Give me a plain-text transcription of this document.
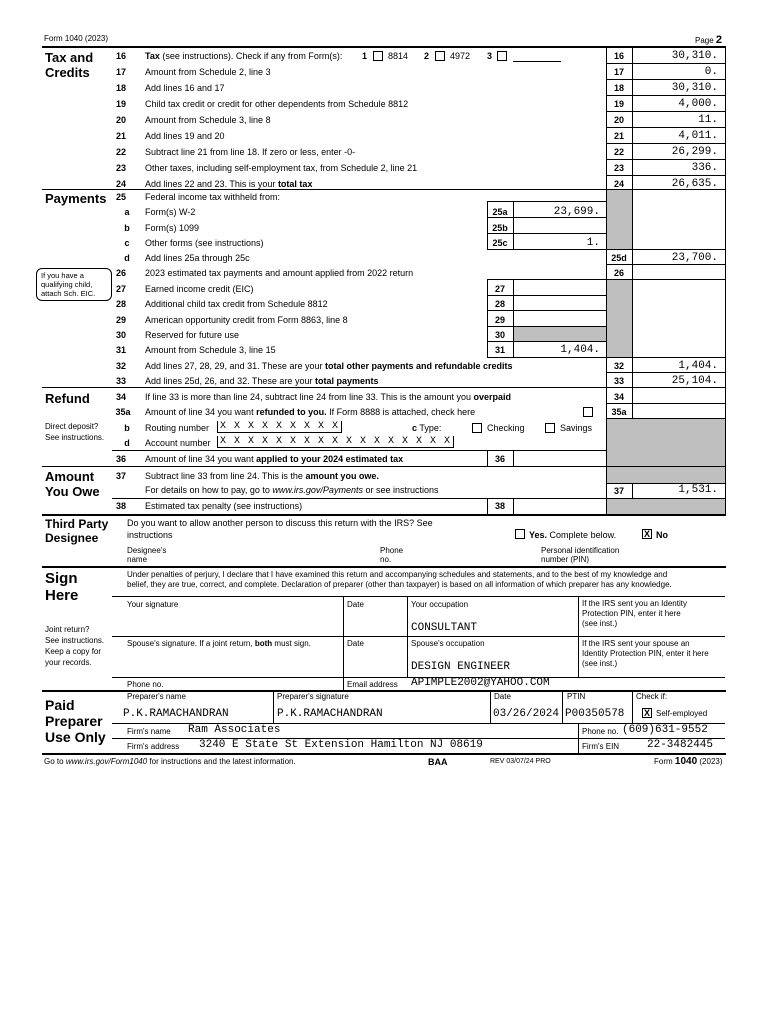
Form 1040 (2023)	Page 2
Tax and
Credits
16	Tax (see instructions). Check if any from Form(s): 1 8814 2 4972 3	16	30,310.
17	Amount from Schedule 2, line 3	17	0.
18	Add lines 16 and 17	18	30,310.
19	Child tax credit or credit for other dependents from Schedule 8812	19	4,000.
20	Amount from Schedule 3, line 8	20	11.
21	Add lines 19 and 20	21	4,011.
22	Subtract line 21 from line 18. If zero or less, enter -0-	22	26,299.
23	Other taxes, including self-employment tax, from Schedule 2, line 21	23	336.
24	Add lines 22 and 23. This is your total tax	24	26,635.
Payments	25	Federal income tax withheld from:
a Form(s) W-2	25a	23,699.
b Form(s) 1099	25b
c Other forms (see instructions)	25c	1.
d Add lines 25a through 25c	25d	23,700.
If you have a
qualifying child,
attach Sch. EIC.
26	2023 estimated tax payments and amount applied from 2022 return	26
27	Earned income credit (EIC)	27
28	Additional child tax credit from Schedule 8812	28
29	American opportunity credit from Form 8863, line 8	29
30	Reserved for future use	30
31	Amount from Schedule 3, line 15	31	1,404.
32	Add lines 27, 28, 29, and 31. These are your total other payments and refundable credits	32	1,404.
33	Add lines 25d, 26, and 32. These are your total payments	33	25,104.
Refund	34	If line 33 is more than line 24, subtract line 24 from line 33. This is the amount you overpaid	34
35a	Amount of line 34 you want refunded to you. If Form 8888 is attached, check here	35a
Direct deposit?
See instructions.
b Routing number	X X X X X X X X X	c Type:	Checking	Savings
d Account number X X X X X X X X X X X X X X X X X
36	Amount of line 34 you want applied to your 2024 estimated tax	36
Amount
You Owe
37	Subtract line 33 from line 24. This is the amount you owe.
For details on how to pay, go to www.irs.gov/Payments or see instructions	37	1,531.
38	Estimated tax penalty (see instructions)	38
Third Party
Designee
Do you want to allow another person to discuss this return with the IRS? See
instructions	Yes. Complete below.	X No
Designee's
name
Phone
no.
Personal identification
number (PIN)
Sign
Here
Under penalties of perjury, I declare that I have examined this return and accompanying schedules and statements, and to the best of my knowledge and
belief, they are true, correct, and complete. Declaration of preparer (other than taxpayer) is based on all information of which preparer has any knowledge.
Your signature	Date	Your occupation
CONSULTANT
If the IRS sent you an Identity
Protection PIN, enter it here
(see inst.)
Joint return?
See instructions.
Keep a copy for
your records.
Spouse's signature. If a joint return, both must sign.	Date	Spouse's occupation
DESIGN ENGINEER
If the IRS sent your spouse an
Identity Protection PIN, enter it here
(see inst.)
Phone no.	Email address APIMPLE2002@YAHOO.COM
Paid
Preparer
Use Only
Preparer's name	Preparer's signature	Date	PTIN	Check if:
P.K.RAMACHANDRAN	P.K.RAMACHANDRAN	03/26/2024 P00350578 X Self-employed
Firm's name Ram Associates	Phone no. (609)631-9552
Firm's address 3240 E State St Extension Hamilton NJ 08619	Firm's EIN	22-3482445
Go to www.irs.gov/Form1040 for instructions and the latest information.	BAA	REV 03/07/24 PRO	Form 1040 (2023)
